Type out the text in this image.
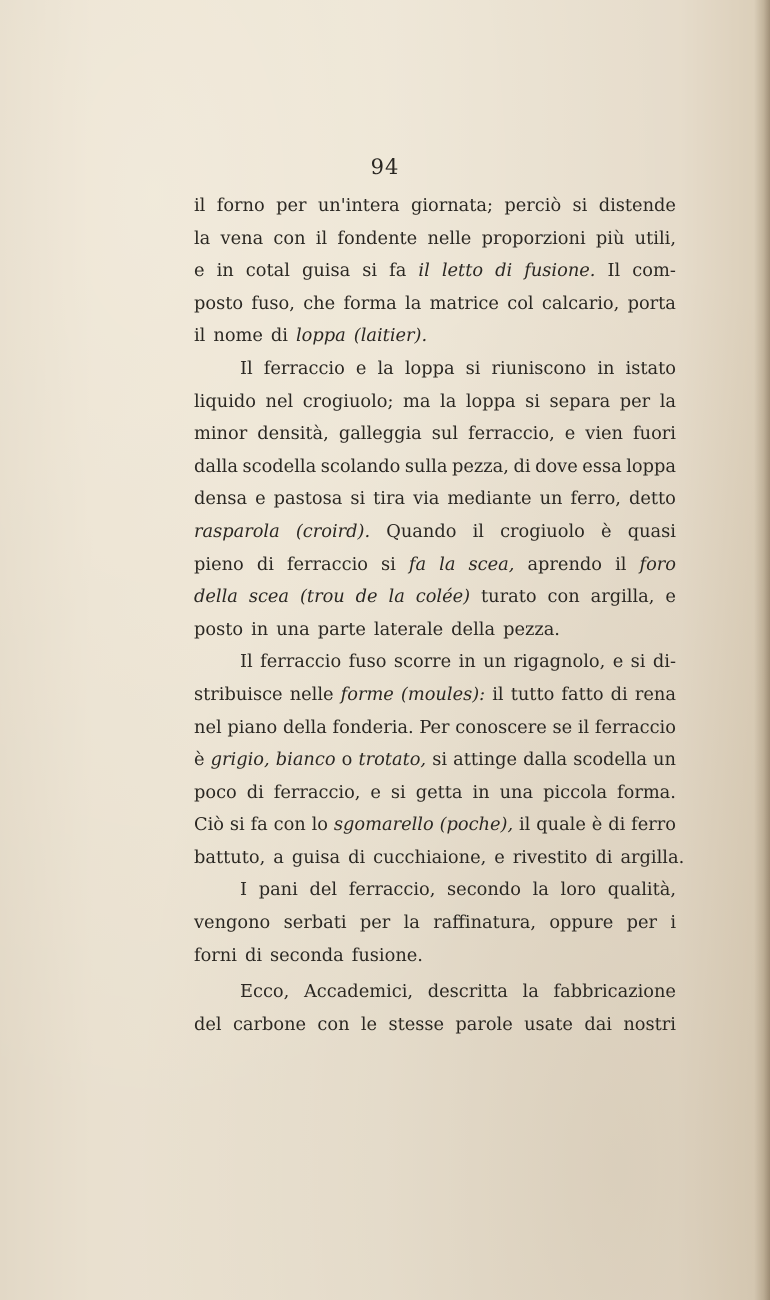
94
il forno per un'intera giornata; perciò si distende
la vena con il fondente nelle proporzioni più utili,
e in cotal guisa si fa il letto di fusione. Il com-
posto fuso, che forma la matrice col calcario, porta
il nome di loppa (laitier).
Il ferraccio e la loppa si riuniscono in istato
liquido nel crogiuolo; ma la loppa si separa per la
minor densità, galleggia sul ferraccio, e vien fuori
dalla scodella scolando sulla pezza, di dove essa loppa
densa e pastosa si tira via mediante un ferro, detto
rasparola (croird). Quando il crogiuolo è quasi
pieno di ferraccio si fa la scea, aprendo il foro
della scea (trou de la colée) turato con argilla, e
posto in una parte laterale della pezza.
Il ferraccio fuso scorre in un rigagnolo, e si di-
stribuisce nelle forme (moules): il tutto fatto di rena
nel piano della fonderia. Per conoscere se il ferraccio
è grigio, bianco o trotato, si attinge dalla scodella un
poco di ferraccio, e si getta in una piccola forma.
Ciò si fa con lo sgomarello (poche), il quale è di ferro
battuto, a guisa di cucchiaione, e rivestito di argilla.
I pani del ferraccio, secondo la loro qualità,
vengono serbati per la raffinatura, oppure per i
forni di seconda fusione.
Ecco, Accademici, descritta la fabbricazione
del carbone con le stesse parole usate dai nostri
